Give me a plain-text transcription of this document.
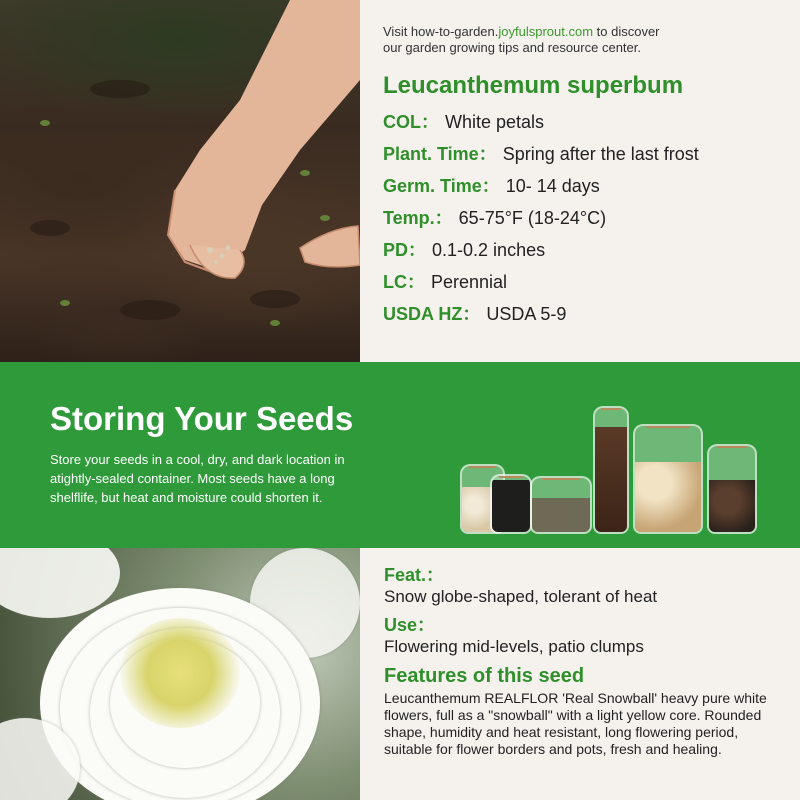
Visit how-to-garden.joyfulsprout.com to discover
our garden growing tips and resource center.
Leucanthemum superbum
COL： White petals
Plant. Time： Spring after the last frost
Germ. Time： 10- 14 days
Temp.： 65-75°F (18-24°C)
PD： 0.1-0.2 inches
LC： Perennial
USDA HZ： USDA 5-9
Storing Your Seeds
Store your seeds in a cool, dry, and dark location in atightly-sealed container. Most seeds have a long shelflife, but heat and moisture could shorten it.
Feat.：
Snow globe-shaped, tolerant of heat
Use：
Flowering mid-levels, patio clumps
Features of this seed
Leucanthemum REALFLOR 'Real Snowball' heavy pure white flowers, full as a "snowball" with a light yellow core. Rounded shape, humidity and heat resistant, long flowering period, suitable for flower borders and pots, fresh and healing.
